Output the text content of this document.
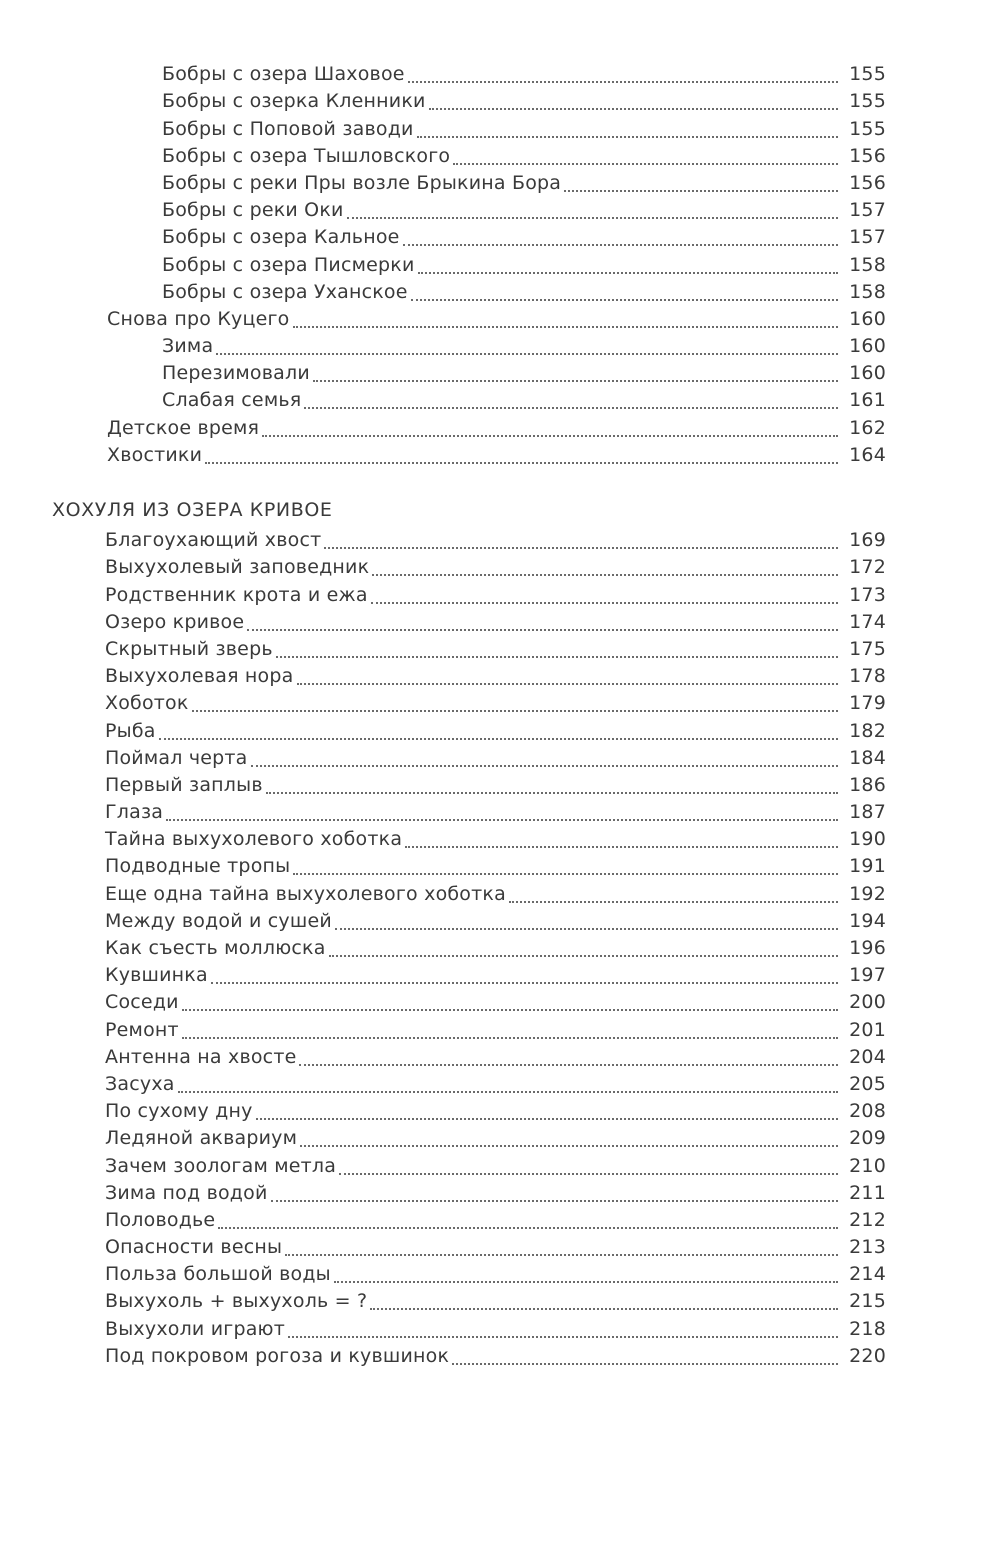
Бобры с озера Шаховое	155
Бобры с озерка Кленники	155
Бобры с Поповой заводи	155
Бобры с озера Тышловского	156
Бобры с реки Пры возле Брыкина Бора	156
Бобры с реки Оки	157
Бобры с озера Кальное	157
Бобры с озера Писмерки	158
Бобры с озера Уханское	158
Снова про Куцего	160
Зима	160
Перезимовали	160
Слабая семья	161
Детское время	162
Хвостики	164
ХОХУЛЯ ИЗ ОЗЕРА КРИВОЕ
Благоухающий хвост	169
Выхухолевый заповедник	172
Родственник крота и ежа	173
Озеро кривое	174
Скрытный зверь	175
Выхухолевая нора	178
Хоботок	179
Рыба	182
Поймал черта	184
Первый заплыв	186
Глаза	187
Тайна выхухолевого хоботка	190
Подводные тропы	191
Еще одна тайна выхухолевого хоботка	192
Между водой и сушей	194
Как съесть моллюска	196
Кувшинка	197
Соседи	200
Ремонт	201
Антенна на хвосте	204
Засуха	205
По сухому дну	208
Ледяной аквариум	209
Зачем зоологам метла	210
Зима под водой	211
Половодье	212
Опасности весны	213
Польза большой воды	214
Выхухоль + выхухоль = ?	215
Выхухоли играют	218
Под покровом рогоза и кувшинок	220
